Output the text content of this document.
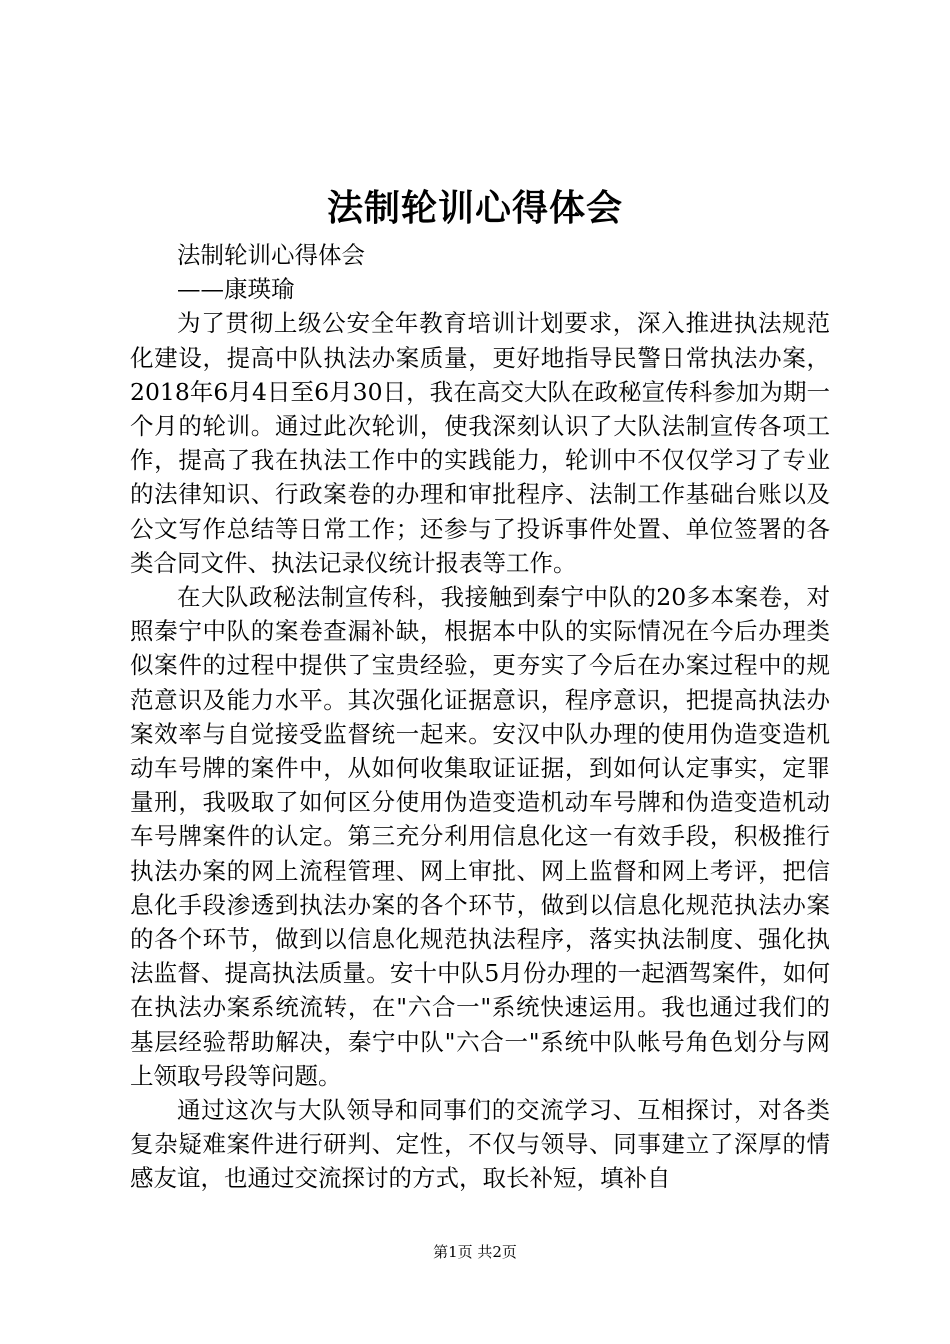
法制轮训心得体会

法制轮训心得体会

——康瑛瑜

为了贯彻上级公安全年教育培训计划要求，深入推进执法规范化建设，提高中队执法办案质量，更好地指导民警日常执法办案，2018年6月4日至6月30日，我在高交大队在政秘宣传科参加为期一个月的轮训。通过此次轮训，使我深刻认识了大队法制宣传各项工作，提高了我在执法工作中的实践能力，轮训中不仅仅学习了专业的法律知识、行政案卷的办理和审批程序、法制工作基础台账以及公文写作总结等日常工作；还参与了投诉事件处置、单位签署的各类合同文件、执法记录仪统计报表等工作。

在大队政秘法制宣传科，我接触到秦宁中队的20多本案卷，对照秦宁中队的案卷查漏补缺，根据本中队的实际情况在今后办理类似案件的过程中提供了宝贵经验，更夯实了今后在办案过程中的规范意识及能力水平。其次强化证据意识，程序意识，把提高执法办案效率与自觉接受监督统一起来。安汉中队办理的使用伪造变造机动车号牌的案件中，从如何收集取证证据，到如何认定事实，定罪量刑，我吸取了如何区分使用伪造变造机动车号牌和伪造变造机动车号牌案件的认定。第三充分利用信息化这一有效手段，积极推行执法办案的网上流程管理、网上审批、网上监督和网上考评，把信息化手段渗透到执法办案的各个环节，做到以信息化规范执法办案的各个环节，做到以信息化规范执法程序，落实执法制度、强化执法监督、提高执法质量。安十中队5月份办理的一起酒驾案件，如何在执法办案系统流转，在"六合一"系统快速运用。我也通过我们的基层经验帮助解决，秦宁中队"六合一"系统中队帐号角色划分与网上领取号段等问题。

通过这次与大队领导和同事们的交流学习、互相探讨，对各类复杂疑难案件进行研判、定性，不仅与领导、同事建立了深厚的情感友谊，也通过交流探讨的方式，取长补短，填补自

第1页 共2页
